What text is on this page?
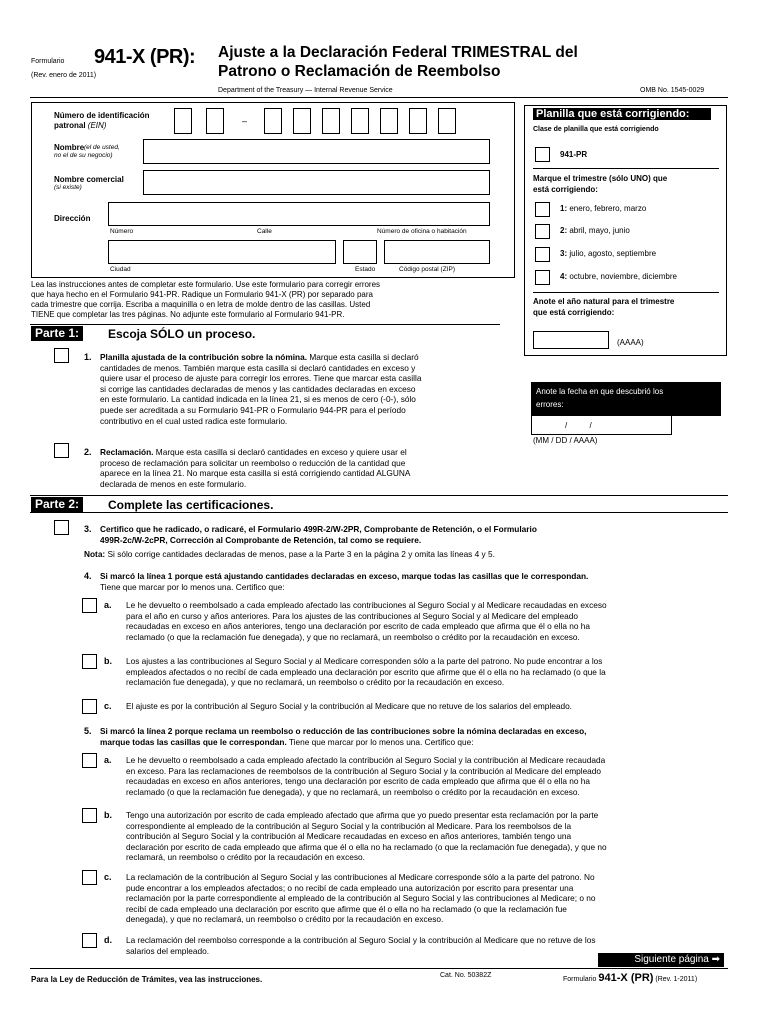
Formulario 941-X (PR):
(Rev. enero de 2011)
Ajuste a la Declaración Federal TRIMESTRAL del
Patrono o Reclamación de Reembolso
Department of the Treasury — Internal Revenue Service	OMB No. 1545-0029
Número de identificación
patronal (EIN)	–
Nombre (el de usted,
no el de su negocio)
Nombre comercial
(si existe)
Dirección
Número	Calle	Número de oficina o habitación
Ciudad	Estado	Código postal (ZIP)
Lea las instrucciones antes de completar este formulario. Use este formulario para corregir errores
que haya hecho en el Formulario 941-PR. Radique un Formulario 941-X (PR) por separado para
cada trimestre que corrija. Escriba a maquinilla o en letra de molde dentro de las casillas. Usted
TIENE que completar las tres páginas. No adjunte este formulario al Formulario 941-PR.
Planilla que está corrigiendo:
Clase de planilla que está corrigiendo
941-PR
Marque el trimestre (sólo UNO) que
está corrigiendo:
1: enero, febrero, marzo
2: abril, mayo, junio
3: julio, agosto, septiembre
4: octubre, noviembre, diciembre
Anote el año natural para el trimestre
que está corrigiendo:
(AAAA)
Anote la fecha en que descubrió los
errores:
/          /
(MM / DD / AAAA)
Parte 1:	Escoja SÓLO un proceso.
1. Planilla ajustada de la contribución sobre la nómina. Marque esta casilla si declaró
cantidades de menos. También marque esta casilla si declaró cantidades en exceso y
quiere usar el proceso de ajuste para corregir los errores. Tiene que marcar esta casilla
si corrige las cantidades declaradas de menos y las cantidades declaradas en exceso
en este formulario. La cantidad indicada en la línea 21, si es menos de cero (-0-), sólo
puede ser acreditada a su Formulario 941-PR o Formulario 944-PR para el período
contributivo en el cual usted radica este formulario.
2. Reclamación. Marque esta casilla si declaró cantidades en exceso y quiere usar el
proceso de reclamación para solicitar un reembolso o reducción de la cantidad que
aparece en la línea 21. No marque esta casilla si está corrigiendo cantidad ALGUNA
declarada de menos en este formulario.
Parte 2:	Complete las certificaciones.
3. Certifico que he radicado, o radicaré, el Formulario 499R-2/W-2PR, Comprobante de Retención, o el Formulario
499R-2c/W-2cPR, Corrección al Comprobante de Retención, tal como se requiere.
Nota: Si sólo corrige cantidades declaradas de menos, pase a la Parte 3 en la página 2 y omita las líneas 4 y 5.
4. Si marcó la línea 1 porque está ajustando cantidades declaradas en exceso, marque todas las casillas que le correspondan.
Tiene que marcar por lo menos una. Certifico que:
a. Le he devuelto o reembolsado a cada empleado afectado las contribuciones al Seguro Social y al Medicare recaudadas en exceso
para el año en curso y años anteriores. Para los ajustes de las contribuciones al Seguro Social y al Medicare del empleado
recaudadas en exceso en años anteriores, tengo una declaración por escrito de cada empleado que afirma que él o ella no ha
reclamado (o que la reclamación fue denegada), y que no reclamará, un reembolso o crédito por la recaudación en exceso.
b. Los ajustes a las contribuciones al Seguro Social y al Medicare corresponden sólo a la parte del patrono. No pude encontrar a los
empleados afectados o no recibí de cada empleado una declaración por escrito que afirme que él o ella no ha reclamado (o que la
reclamación fue denegada), y que no reclamará, un reembolso o crédito por la recaudación en exceso.
c. El ajuste es por la contribución al Seguro Social y la contribución al Medicare que no retuve de los salarios del empleado.
5. Si marcó la línea 2 porque reclama un reembolso o reducción de las contribuciones sobre la nómina declaradas en exceso,
marque todas las casillas que le correspondan. Tiene que marcar por lo menos una. Certifico que:
a. Le he devuelto o reembolsado a cada empleado afectado la contribución al Seguro Social y la contribución al Medicare recaudada
en exceso. Para las reclamaciones de reembolsos de la contribución al Seguro Social y la contribución al Medicare del empleado
recaudadas en exceso en años anteriores, tengo una declaración por escrito de cada empleado que afirma que él o ella no ha
reclamado (o que la reclamación fue denegada), y que no reclamará, un reembolso o crédito por la recaudación en exceso.
b. Tengo una autorización por escrito de cada empleado afectado que afirma que yo puedo presentar esta reclamación por la parte
correspondiente al empleado de la contribución al Seguro Social y la contribución al Medicare. Para los reembolsos de la
contribución al Seguro Social y la contribución al Medicare recaudadas en exceso en años anteriores, también tengo una
declaración por escrito de cada empleado que afirma que él o ella no ha reclamado (o que la reclamación fue denegada), y que no
reclamará, un reembolso o crédito por la recaudación en exceso.
c. La reclamación de la contribución al Seguro Social y las contribuciones al Medicare corresponde sólo a la parte del patrono. No
pude encontrar a los empleados afectados; o no recibí de cada empleado una autorización por escrito para presentar una
reclamación por la parte correspondiente al empleado de la contribución al Seguro Social y las contribuciones al Medicare; o no
recibí de cada empleado una declaración por escrito que afirme que él o ella no ha reclamado (o que la reclamación fue
denegada), y que no reclamará, un reembolso o crédito por la recaudación en exceso.
d. La reclamación del reembolso corresponde a la contribución al Seguro Social y la contribución al Medicare que no retuve de los
salarios del empleado.
Siguiente página ➡
Para la Ley de Reducción de Trámites, vea las instrucciones.	Cat. No. 50382Z
Formulario 941-X (PR) (Rev. 1-2011)
